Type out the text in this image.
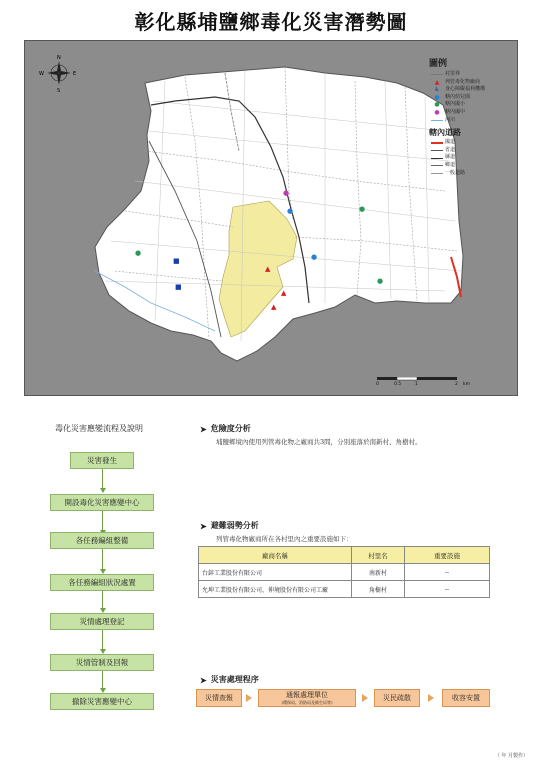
彰化縣埔鹽鄉毒化災害潛勢圖
▲
▲
▲
■
■
●
●
●
●
●
●
N
S
E
W
圖例
村里界
▲	列管毒化物廠商
♿	身心障礙福利機構
●	轄內幼兒園
●	轄內國小
●	轄內國中
河川
轄內道路
國道
省道
縣道
鄉道
一般道路
0	0.5	1	2 km
毒化災害應變流程及說明
災害發生
開設毒化災害應變中心
各任務編組整備
各任務編組狀況處置
災情處理登記
災情管制及回報
撤除災害應變中心
➤ 危險度分析
埔鹽鄉境內使用列管毒化物之廠商共3間，分別座落於南新村、角樹村。
➤ 避難弱勢分析
列管毒化物廠商所在各村里內之重要設施如下：
廠商名稱	村里名	重要設施
台鋅工業股份有限公司	南新村	--
允坤工業股份有限公司、伸境股份有限公司工廠	角樹村	--
➤ 災害處理程序
災情查報	通報處理單位
(環保局、消防局及衛生局等)
災民疏散	收容安置
（ 年 月製作）
